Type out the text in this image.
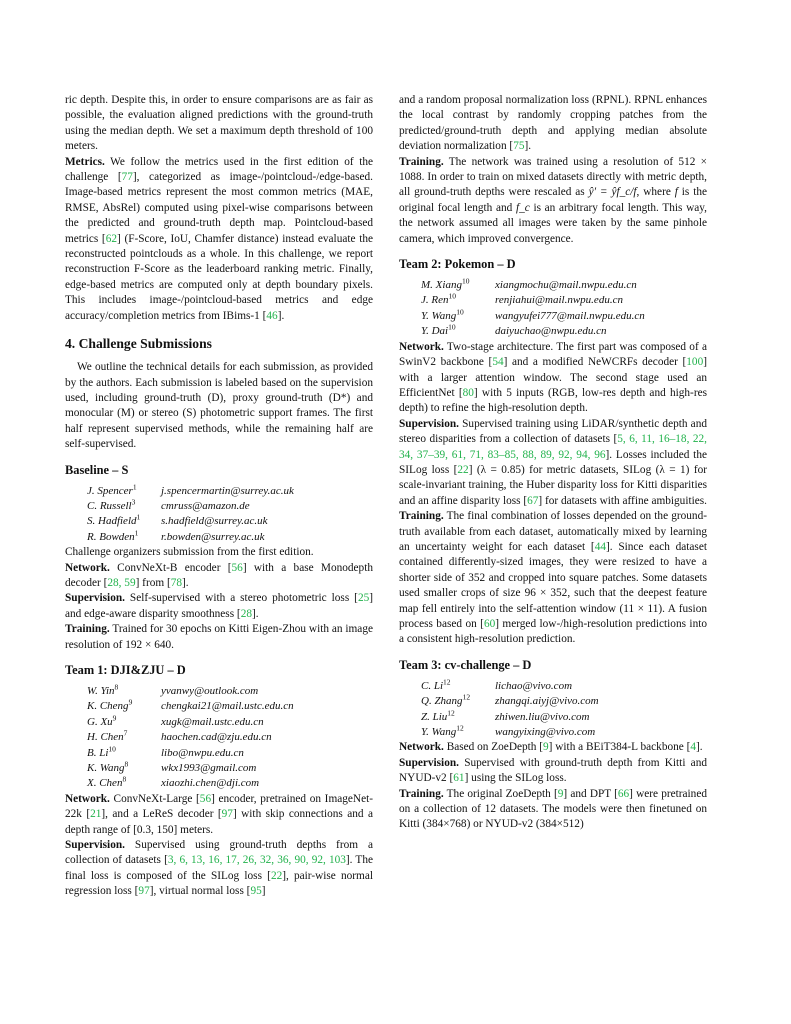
ric depth. Despite this, in order to ensure comparisons are as fair as possible, the evaluation aligned predictions with the ground-truth using the median depth. We set a maximum depth threshold of 100 meters.

Metrics. We follow the metrics used in the first edition of the challenge [77], categorized as image-/pointcloud-/edge-based. Image-based metrics represent the most common metrics (MAE, RMSE, AbsRel) computed using pixel-wise comparisons between the predicted and ground-truth depth map. Pointcloud-based metrics [62] (F-Score, IoU, Chamfer distance) instead evaluate the reconstructed pointclouds as a whole. In this challenge, we report reconstruction F-Score as the leaderboard ranking metric. Finally, edge-based metrics are computed only at depth boundary pixels. This includes image-/pointcloud-based metrics and edge accuracy/completion metrics from IBims-1 [46].

4. Challenge Submissions

We outline the technical details for each submission, as provided by the authors. Each submission is labeled based on the supervision used, including ground-truth (D), proxy ground-truth (D*) and monocular (M) or stereo (S) photometric support frames. The first half represent supervised methods, while the remaining half are self-supervised.

Baseline – S
J. Spencer$^1$	j.spencermartin@surrey.ac.uk
C. Russell$^3$	cmruss@amazon.de
S. Hadfield$^1$	s.hadfield@surrey.ac.uk
R. Bowden$^1$	r.bowden@surrey.ac.uk

Challenge organizers submission from the first edition.

Network. ConvNeXt-B encoder [56] with a base Monodepth decoder [28, 59] from [78].

Supervision. Self-supervised with a stereo photometric loss [25] and edge-aware disparity smoothness [28].

Training. Trained for 30 epochs on Kitti Eigen-Zhou with an image resolution of 192 × 640.

Team 1: DJI&ZJU – D
W. Yin$^8$	yvanwy@outlook.com
K. Cheng$^9$	chengkai21@mail.ustc.edu.cn
G. Xu$^9$	xugk@mail.ustc.edu.cn
H. Chen$^7$	haochen.cad@zju.edu.cn
B. Li$^{10}$	libo@nwpu.edu.cn
K. Wang$^8$	wkx1993@gmail.com
X. Chen$^8$	xiaozhi.chen@dji.com

Network. ConvNeXt-Large [56] encoder, pretrained on ImageNet-22k [21], and a LeReS decoder [97] with skip connections and a depth range of [0.3, 150] meters.

Supervision. Supervised using ground-truth depths from a collection of datasets [3, 6, 13, 16, 17, 26, 32, 36, 90, 92, 103]. The final loss is composed of the SILog loss [22], pair-wise normal regression loss [97], virtual normal loss [95]

and a random proposal normalization loss (RPNL). RPNL enhances the local contrast by randomly cropping patches from the predicted/ground-truth depth and applying median absolute deviation normalization [75].

Training. The network was trained using a resolution of 512 × 1088. In order to train on mixed datasets directly with metric depth, all ground-truth depths were rescaled as ŷ′ = ŷf_c/f, where f is the original focal length and f_c is an arbitrary focal length. This way, the network assumed all images were taken by the same pinhole camera, which improved convergence.

Team 2: Pokemon – D
M. Xiang$^{10}$	xiangmochu@mail.nwpu.edu.cn
J. Ren$^{10}$	renjiahui@mail.nwpu.edu.cn
Y. Wang$^{10}$	wangyufei777@mail.nwpu.edu.cn
Y. Dai$^{10}$	daiyuchao@nwpu.edu.cn

Network. Two-stage architecture. The first part was composed of a SwinV2 backbone [54] and a modified NeWCRFs decoder [100] with a larger attention window. The second stage used an EfficientNet [80] with 5 inputs (RGB, low-res depth and high-res depth) to refine the high-resolution depth.

Supervision. Supervised training using LiDAR/synthetic depth and stereo disparities from a collection of datasets [5, 6, 11, 16–18, 22, 34, 37–39, 61, 71, 83–85, 88, 89, 92, 94, 96]. Losses included the SILog loss [22] (λ = 0.85) for metric datasets, SILog (λ = 1) for scale-invariant training, the Huber disparity loss for Kitti disparities and an affine disparity loss [67] for datasets with affine ambiguities.

Training. The final combination of losses depended on the ground-truth available from each dataset, automatically mixed by learning an uncertainty weight for each dataset [44]. Since each dataset contained differently-sized images, they were resized to have a shorter side of 352 and cropped into square patches. Some datasets used smaller crops of size 96 × 352, such that the deepest feature map fell entirely into the self-attention window (11 × 11). A fusion process based on [60] merged low-/high-resolution predictions into a consistent high-resolution prediction.

Team 3: cv-challenge – D
C. Li$^{12}$	lichao@vivo.com
Q. Zhang$^{12}$	zhangqi.aiyj@vivo.com
Z. Liu$^{12}$	zhiwen.liu@vivo.com
Y. Wang$^{12}$	wangyixing@vivo.com

Network. Based on ZoeDepth [9] with a BEiT384-L backbone [4].

Supervision. Supervised with ground-truth depth from Kitti and NYUD-v2 [61] using the SILog loss.

Training. The original ZoeDepth [9] and DPT [66] were pretrained on a collection of 12 datasets. The models were then finetuned on Kitti (384×768) or NYUD-v2 (384×512)
